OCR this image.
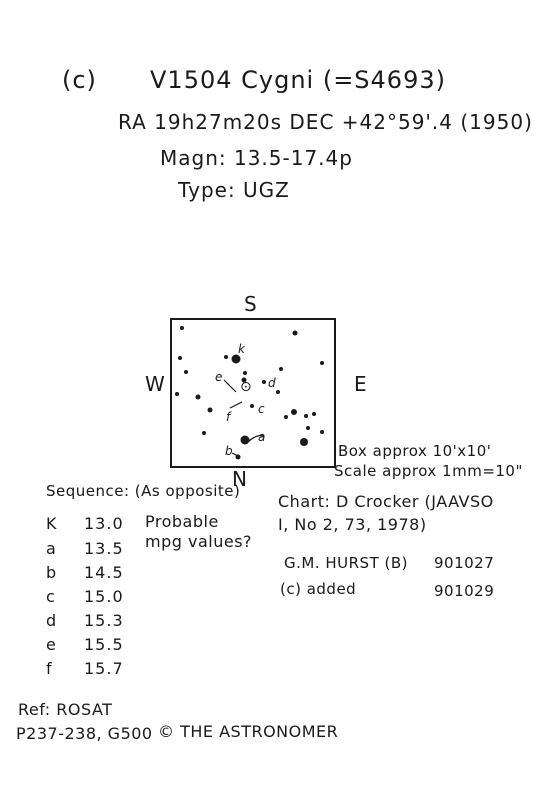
(c) V1504 Cygni (=S4693)
RA 19h27m20s DEC +42°59'.4 (1950)
Magn: 13.5-17.4p
Type: UGZ
S
N
W	E
⊙
k
e	d
f
c
a
b	Box approx 10'x10'
Scale approx 1mm=10"
Sequence: (As opposite)
Probable
mpg values?
K 13.0
a 13.5
b 14.5
c 15.0
d 15.3
e 15.5
f 15.7
Chart: D Crocker (JAAVSO
I, No 2, 73, 1978)
G.M. HURST (B) 901027
(c) added	901029
Ref: ROSAT
P237-238, G500 © THE ASTRONOMER
